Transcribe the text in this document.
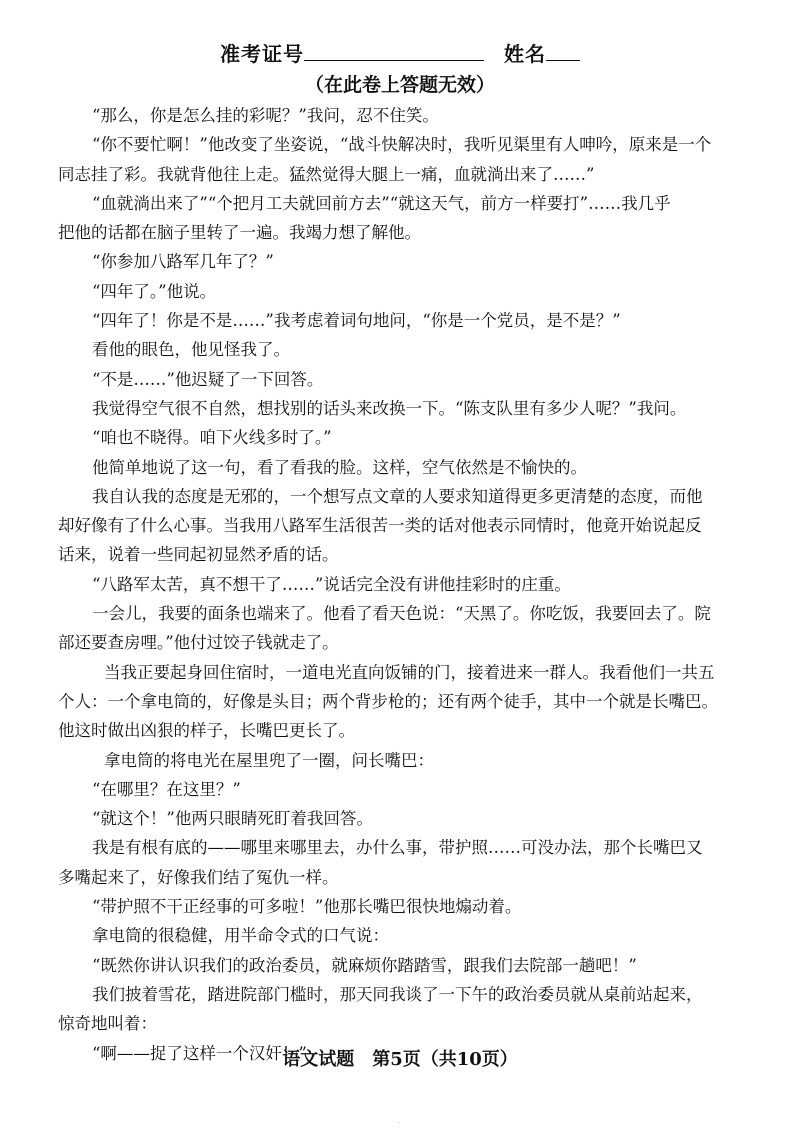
准考证号	姓名
（在此卷上答题无效）

“那么，你是怎么挂的彩呢？”我问，忍不住笑。

“你不要忙啊！”他改变了坐姿说，“战斗快解决时，我听见渠里有人呻吟，原来是一个

同志挂了彩。我就背他往上走。猛然觉得大腿上一痛，血就淌出来了……”

“血就淌出来了”“个把月工夫就回前方去”“就这天气，前方一样要打”……我几乎

把他的话都在脑子里转了一遍。我竭力想了解他。

“你参加八路军几年了？”

“四年了。”他说。

“四年了！你是不是……”我考虑着词句地问，“你是一个党员，是不是？”

看他的眼色，他见怪我了。

“不是……”他迟疑了一下回答。

我觉得空气很不自然，想找别的话头来改换一下。“陈支队里有多少人呢？”我问。

“咱也不晓得。咱下火线多时了。”

他简单地说了这一句，看了看我的脸。这样，空气依然是不愉快的。

我自认我的态度是无邪的，一个想写点文章的人要求知道得更多更清楚的态度，而他

却好像有了什么心事。当我用八路军生活很苦一类的话对他表示同情时，他竟开始说起反

话来，说着一些同起初显然矛盾的话。

“八路军太苦，真不想干了……”说话完全没有讲他挂彩时的庄重。

一会儿，我要的面条也端来了。他看了看天色说：“天黑了。你吃饭，我要回去了。院

部还要查房哩。”他付过饺子钱就走了。

当我正要起身回住宿时，一道电光直向饭铺的门，接着进来一群人。我看他们一共五

个人：一个拿电筒的，好像是头目；两个背步枪的；还有两个徒手，其中一个就是长嘴巴。

他这时做出凶狠的样子，长嘴巴更长了。

拿电筒的将电光在屋里兜了一圈，问长嘴巴：

“在哪里？在这里？”

“就这个！”他两只眼睛死盯着我回答。

我是有根有底的——哪里来哪里去，办什么事，带护照……可没办法，那个长嘴巴又

多嘴起来了，好像我们结了冤仇一样。

“带护照不干正经事的可多啦！”他那长嘴巴很快地煽动着。

拿电筒的很稳健，用半命令式的口气说：

“既然你讲认识我们的政治委员，就麻烦你踏踏雪，跟我们去院部一趟吧！”

我们披着雪花，踏进院部门槛时，那天同我谈了一下午的政治委员就从桌前站起来，

惊奇地叫着：

“啊——捉了这样一个汉奸！”

语文试题　第5页（共10页）
·
